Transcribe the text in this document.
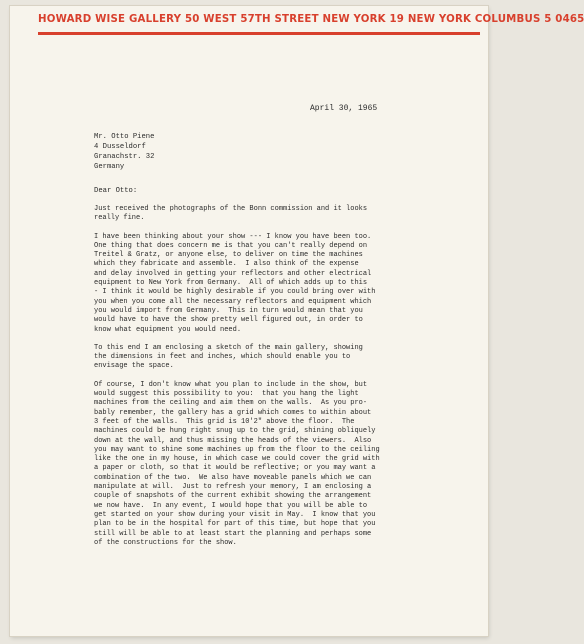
HOWARD WISE GALLERY 50 WEST 57TH STREET NEW YORK 19 NEW YORK COLUMBUS 5 0465
April 30, 1965
Mr. Otto Piene
4 Dusseldorf
Granachstr. 32
Germany
Dear Otto:
Just received the photographs of the Bonn commission and it looks
really fine.
I have been thinking about your show --- I know you have been too.
One thing that does concern me is that you can't really depend on
Treitel & Gratz, or anyone else, to deliver on time the machines
which they fabricate and assemble.  I also think of the expense
and delay involved in getting your reflectors and other electrical
equipment to New York from Germany.  All of which adds up to this
- I think it would be highly desirable if you could bring over with
you when you come all the necessary reflectors and equipment which
you would import from Germany.  This in turn would mean that you
would have to have the show pretty well figured out, in order to
know what equipment you would need.
To this end I am enclosing a sketch of the main gallery, showing
the dimensions in feet and inches, which should enable you to
envisage the space.
Of course, I don't know what you plan to include in the show, but
would suggest this possibility to you:  that you hang the light
machines from the ceiling and aim them on the walls.  As you pro-
bably remember, the gallery has a grid which comes to within about
3 feet of the walls.  This grid is 10'2" above the floor.  The
machines could be hung right snug up to the grid, shining obliquely
down at the wall, and thus missing the heads of the viewers.  Also
you may want to shine some machines up from the floor to the ceiling
like the one in my house, in which case we could cover the grid with
a paper or cloth, so that it would be reflective; or you may want a
combination of the two.  We also have moveable panels which we can
manipulate at will.  Just to refresh your memory, I am enclosing a
couple of snapshots of the current exhibit showing the arrangement
we now have.  In any event, I would hope that you will be able to
get started on your show during your visit in May.  I know that you
plan to be in the hospital for part of this time, but hope that you
still will be able to at least start the planning and perhaps some
of the constructions for the show.
